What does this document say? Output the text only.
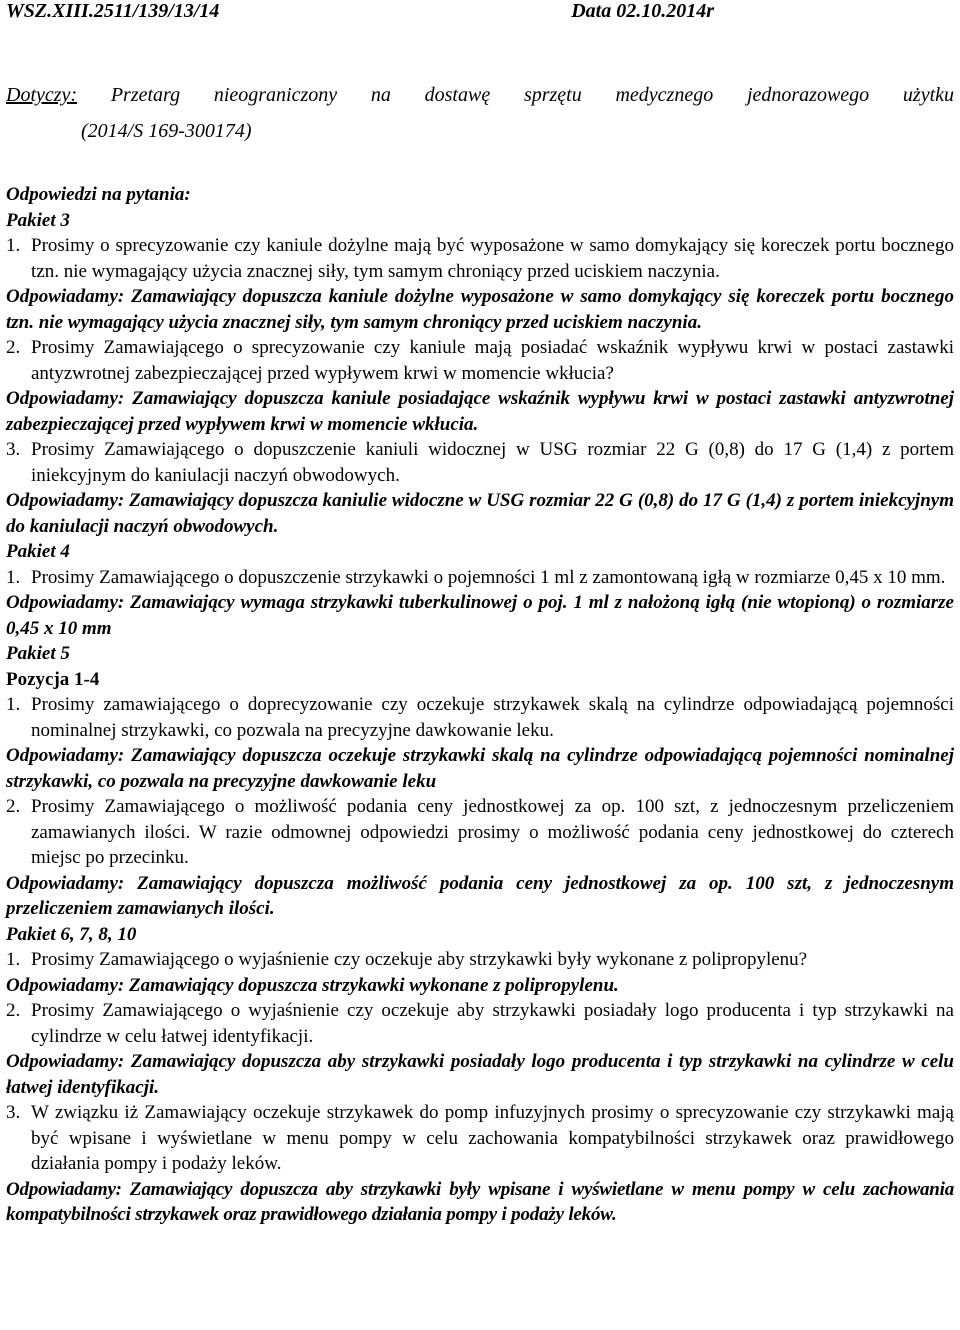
WSZ.XIII.2511/139/13/14	Data 02.10.2014r
Dotyczy: Przetarg nieograniczony na dostawę sprzętu medycznego jednorazowego użytku
(2014/S 169-300174)
Odpowiedzi na pytania:
Pakiet 3
1. Prosimy o sprecyzowanie czy kaniule dożylne mają być wyposażone w samo domykający się koreczek portu bocznego tzn. nie wymagający użycia znacznej siły, tym samym chroniący przed uciskiem naczynia.
Odpowiadamy: Zamawiający dopuszcza kaniule dożylne wyposażone w samo domykający się koreczek portu bocznego tzn. nie wymagający użycia znacznej siły, tym samym chroniący przed uciskiem naczynia.
2. Prosimy Zamawiającego o sprecyzowanie czy kaniule mają posiadać wskaźnik wypływu krwi w postaci zastawki antyzwrotnej zabezpieczającej przed wypływem krwi w momencie wkłucia?
Odpowiadamy: Zamawiający dopuszcza kaniule posiadające wskaźnik wypływu krwi w postaci zastawki antyzwrotnej zabezpieczającej przed wypływem krwi w momencie wkłucia.
3. Prosimy Zamawiającego o dopuszczenie kaniuli widocznej w USG rozmiar 22 G (0,8) do 17 G (1,4) z portem iniekcyjnym do kaniulacji naczyń obwodowych.
Odpowiadamy: Zamawiający dopuszcza kaniulie widoczne w USG rozmiar 22 G (0,8) do 17 G (1,4) z portem iniekcyjnym do kaniulacji naczyń obwodowych.
Pakiet 4
1. Prosimy Zamawiającego o dopuszczenie strzykawki o pojemności 1 ml z zamontowaną igłą w rozmiarze 0,45 x 10 mm.
Odpowiadamy: Zamawiający wymaga strzykawki tuberkulinowej o poj. 1 ml z nałożoną igłą (nie wtopioną) o rozmiarze 0,45 x 10 mm
Pakiet 5
Pozycja 1-4
1. Prosimy zamawiającego o doprecyzowanie czy oczekuje strzykawek skalą na cylindrze odpowiadającą pojemności nominalnej strzykawki, co pozwala na precyzyjne dawkowanie leku.
Odpowiadamy: Zamawiający dopuszcza oczekuje strzykawki skalą na cylindrze odpowiadającą pojemności nominalnej strzykawki, co pozwala na precyzyjne dawkowanie leku
2. Prosimy Zamawiającego o możliwość podania ceny jednostkowej za op. 100 szt, z jednoczesnym przeliczeniem zamawianych ilości. W razie odmownej odpowiedzi prosimy o możliwość podania ceny jednostkowej do czterech miejsc po przecinku.
Odpowiadamy: Zamawiający dopuszcza możliwość podania ceny jednostkowej za op. 100 szt, z jednoczesnym przeliczeniem zamawianych ilości.
Pakiet 6, 7, 8, 10
1. Prosimy Zamawiającego o wyjaśnienie czy oczekuje aby strzykawki były wykonane z polipropylenu?
Odpowiadamy: Zamawiający dopuszcza strzykawki wykonane z polipropylenu.
2. Prosimy Zamawiającego o wyjaśnienie czy oczekuje aby strzykawki posiadały logo producenta i typ strzykawki na cylindrze w celu łatwej identyfikacji.
Odpowiadamy: Zamawiający dopuszcza aby strzykawki posiadały logo producenta i typ strzykawki na cylindrze w celu łatwej identyfikacji.
3. W związku iż Zamawiający oczekuje strzykawek do pomp infuzyjnych prosimy o sprecyzowanie czy strzykawki mają być wpisane i wyświetlane w menu pompy w celu zachowania kompatybilności strzykawek oraz prawidłowego działania pompy i podaży leków.
Odpowiadamy: Zamawiający dopuszcza aby strzykawki były wpisane i wyświetlane w menu pompy w celu zachowania kompatybilności strzykawek oraz prawidłowego działania pompy i podaży leków.
